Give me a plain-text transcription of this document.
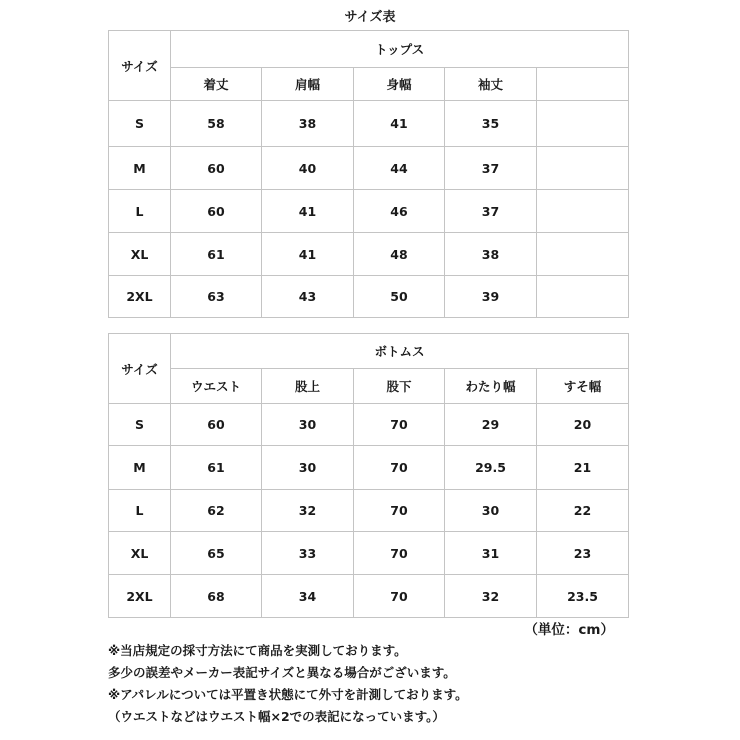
サイズ表
サイズ	トップス				
	着丈	肩幅	身幅	袖丈	
S	58	38	41	35	
M	60	40	44	37	
L	60	41	46	37	
XL	61	41	48	38	
2XL	63	43	50	39	
サイズ	ボトムス				
	ウエスト	股上	股下	わたり幅	すそ幅
S	60	30	70	29	20
M	61	30	70	29.5	21
L	62	32	70	30	22
XL	65	33	70	31	23
2XL	68	34	70	32	23.5
（単位：cm）
※当店規定の採寸方法にて商品を実測しております。
多少の誤差やメーカー表記サイズと異なる場合がございます。
※アパレルについては平置き状態にて外寸を計測しております。
（ウエストなどはウエスト幅×2での表記になっています。）
